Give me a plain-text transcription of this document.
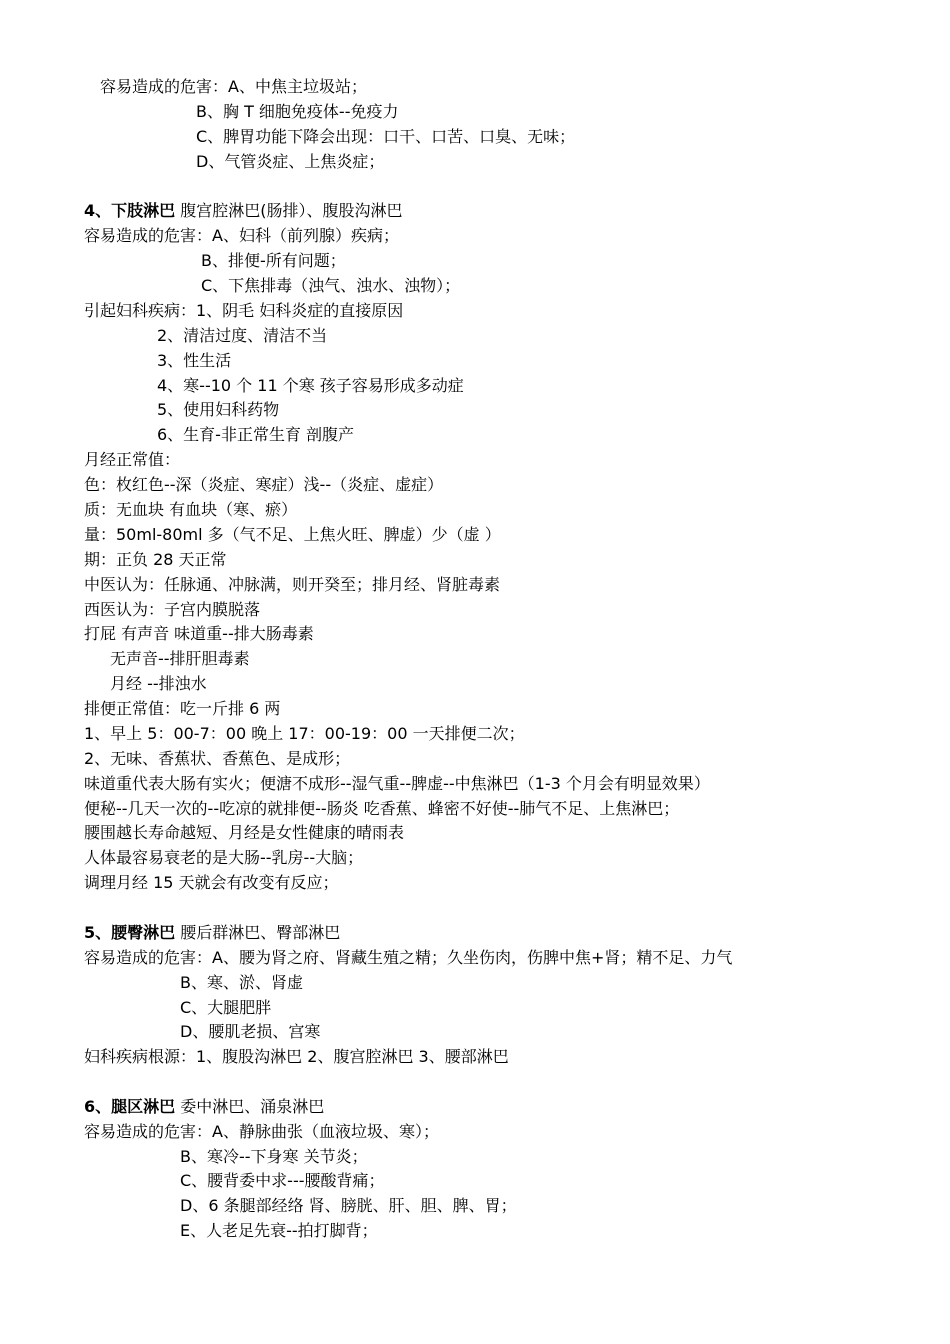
容易造成的危害：A、中焦主垃圾站；
B、胸 T 细胞免疫体--免疫力
C、脾胃功能下降会出现：口干、口苦、口臭、无味；
D、气管炎症、上焦炎症；
4、下肢淋巴 腹宫腔淋巴(肠排）、腹股沟淋巴
容易造成的危害：A、妇科（前列腺）疾病；
B、排便-所有问题；
C、下焦排毒（浊气、浊水、浊物）；
引起妇科疾病：1、阴毛 妇科炎症的直接原因
2、清洁过度、清洁不当
3、性生活
4、寒--10 个 11 个寒 孩子容易形成多动症
5、使用妇科药物
6、生育-非正常生育 剖腹产
月经正常值：
色：枚红色--深（炎症、寒症）浅--（炎症、虚症）
质：无血块 有血块（寒、瘀）
量：50ml-80ml 多（气不足、上焦火旺、脾虚）少（虚 ）
期：正负 28 天正常
中医认为：任脉通、冲脉满，则开癸至；排月经、肾脏毒素
西医认为：子宫内膜脱落
打屁 有声音 味道重--排大肠毒素
无声音--排肝胆毒素
月经 --排浊水
排便正常值：吃一斤排 6 两
1、早上 5：00-7：00 晚上 17：00-19：00 一天排便二次；
2、无味、香蕉状、香蕉色、是成形；
味道重代表大肠有实火；便溏不成形--湿气重--脾虚--中焦淋巴（1-3 个月会有明显效果）
便秘--几天一次的--吃凉的就排便--肠炎 吃香蕉、蜂密不好使--肺气不足、上焦淋巴；
腰围越长寿命越短、月经是女性健康的晴雨表
人体最容易衰老的是大肠--乳房--大脑；
调理月经 15 天就会有改变有反应；
5、腰臀淋巴 腰后群淋巴、臀部淋巴
容易造成的危害：A、腰为肾之府、肾藏生殖之精；久坐伤肉，伤脾中焦+肾；精不足、力气
B、寒、淤、肾虚
C、大腿肥胖
D、腰肌老损、宫寒
妇科疾病根源：1、腹股沟淋巴 2、腹宫腔淋巴 3、腰部淋巴
6、腿区淋巴 委中淋巴、涌泉淋巴
容易造成的危害：A、静脉曲张（血液垃圾、寒）；
B、寒冷--下身寒 关节炎；
C、腰背委中求---腰酸背痛；
D、6 条腿部经络 肾、膀胱、肝、胆、脾、胃；
E、人老足先衰--拍打脚背；
